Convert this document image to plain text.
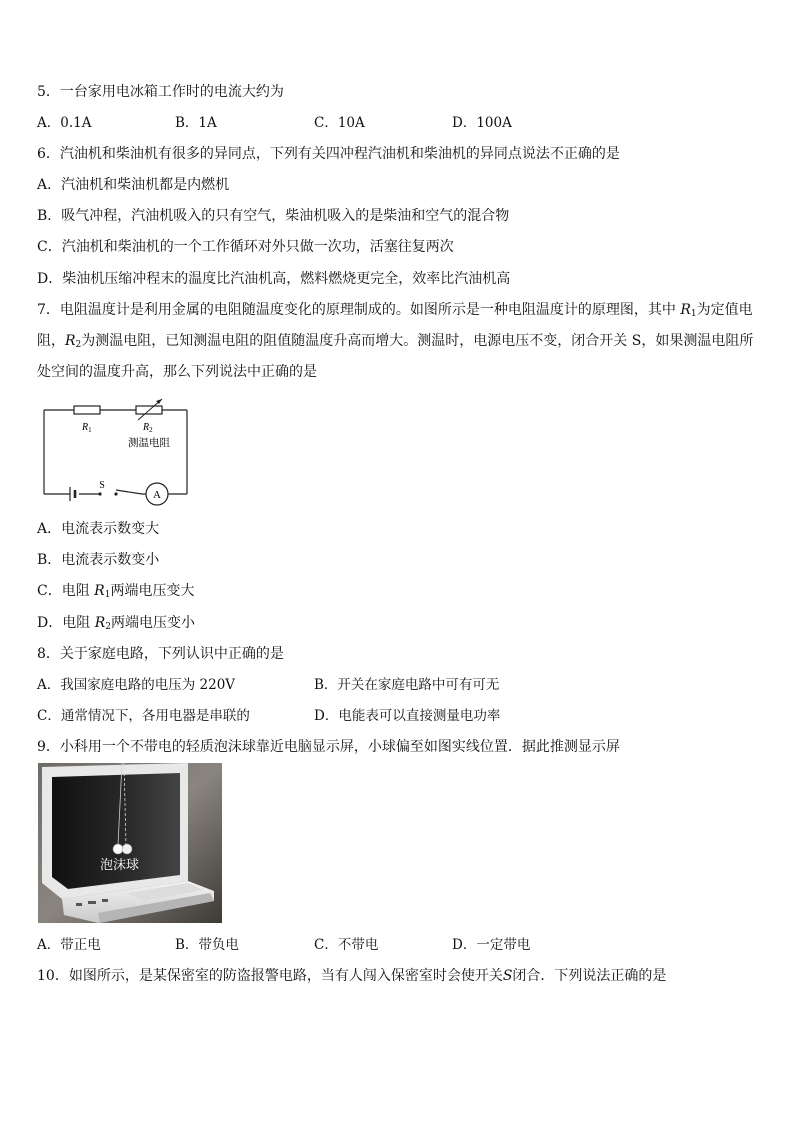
5．一台家用电冰箱工作时的电流大约为
A．0.1A	B．1A	C．10A	D．100A
6．汽油机和柴油机有很多的异同点，下列有关四冲程汽油机和柴油机的异同点说法不正确的是
A．汽油机和柴油机都是内燃机
B．吸气冲程，汽油机吸入的只有空气，柴油机吸入的是柴油和空气的混合物
C．汽油机和柴油机的一个工作循环对外只做一次功，活塞往复两次
D．柴油机压缩冲程末的温度比汽油机高，燃料燃烧更完全，效率比汽油机高
7．电阻温度计是利用金属的电阻随温度变化的原理制成的。如图所示是一种电阻温度计的原理图，其中 $R_1$为定值电
阻，$R_2$为测温电阻，已知测温电阻的阻值随温度升高而增大。测温时，电源电压不变，闭合开关 S，如果测温电阻所
处空间的温度升高，那么下列说法中正确的是
A
S
$R_1$	$R_2$
测温电阻
A．电流表示数变大
B．电流表示数变小
C．电阻 $R_1$两端电压变大
D．电阻 $R_2$两端电压变小
8．关于家庭电路，下列认识中正确的是
A．我国家庭电路的电压为 220V	B．开关在家庭电路中可有可无
C．通常情况下，各用电器是串联的	D．电能表可以直接测量电功率
9．小科用一个不带电的轻质泡沫球靠近电脑显示屏，小球偏至如图实线位置．据此推测显示屏
泡沫球
A．带正电	B．带负电	C．不带电	D．一定带电
10．如图所示，是某保密室的防盗报警电路，当有人闯入保密室时会使开关S闭合．下列说法正确的是
